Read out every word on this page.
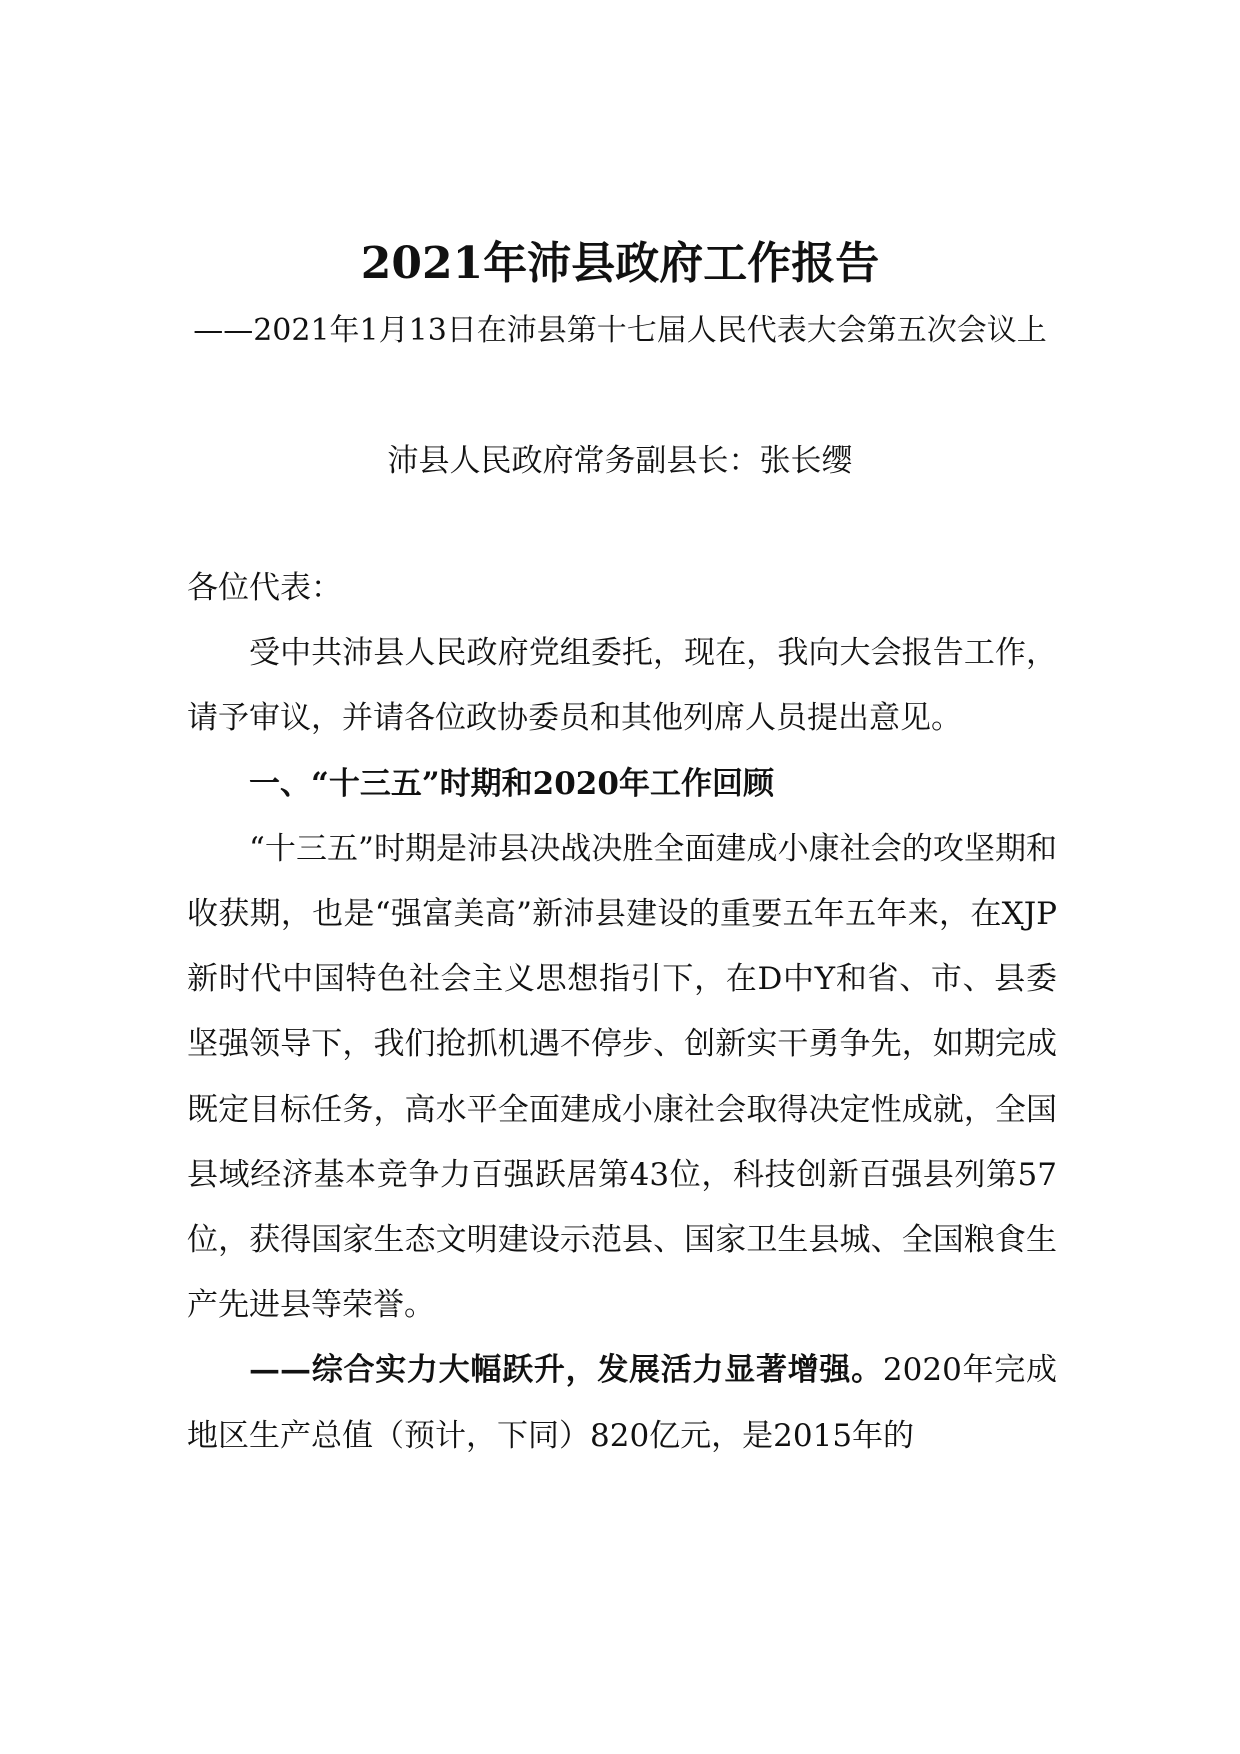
2021年沛县政府工作报告
——2021年1月13日在沛县第十七届人民代表大会第五次会议上
沛县人民政府常务副县长：张长缨

各位代表：

受中共沛县人民政府党组委托，现在，我向大会报告工作，请予审议，并请各位政协委员和其他列席人员提出意见。

一、“十三五”时期和2020年工作回顾

“十三五”时期是沛县决战决胜全面建成小康社会的攻坚期和收获期，也是“强富美高”新沛县建设的重要五年五年来，在XJP新时代中国特色社会主义思想指引下，在D中Y和省、市、县委坚强领导下，我们抢抓机遇不停步、创新实干勇争先，如期完成既定目标任务，高水平全面建成小康社会取得决定性成就，全国县域经济基本竞争力百强跃居第43位，科技创新百强县列第57位，获得国家生态文明建设示范县、国家卫生县城、全国粮食生产先进县等荣誉。

——综合实力大幅跃升，发展活力显著增强。2020年完成地区生产总值（预计，下同）820亿元，是2015年的
